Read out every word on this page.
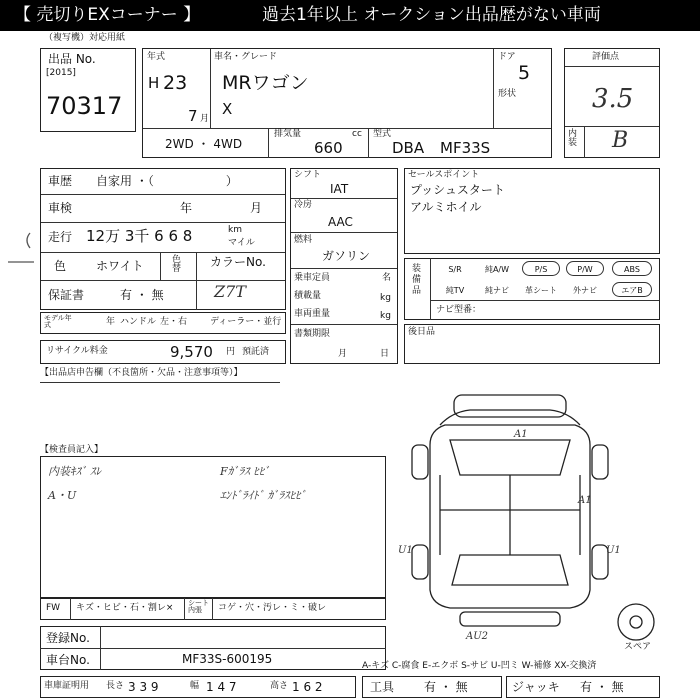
【 売切りEXコーナー 】	過去1年以上 オークション出品歴がない車両
（複写機）対応用紙
出品 No.
[2015]
70317
年式
H 23
7 月
車名・グレード
MRワゴン
X
ドア
5
形状
2WD ・ 4WD
排気量	cc
660
型式
DBA MF33S
評価点
3.5
内装 B
車歴 自家用 ・（　　　　　　）
車検	年	月
走行 12万 3千 6 6 8	km
マイル
色 ホワイト	色替 カラーNo.
Z7T
保証書	有 ・ 無
モデル年式	年 ハンドル 左・右	ディーラー・並行
リサイクル料金	9,570 円 預託済
シフト
IAT
冷房
AAC
燃料
ガソリン
乗車定員	名
積載量	kg
車両重量	kg
書類期限
月	日
セールスポイント
プッシュスタート
アルミホイル
装備品
S/R	純A/W	P/S	P/W	ABS
純TV	純ナビ	革シート	外ナビ	エアB
ナビ型番：
後日品
【出品店申告欄（不良箇所・欠品・注意事項等）】
【検査員記入】
内装ｷｽﾞ ｽﾚ	Fｶﾞﾗｽ ﾋﾋﾞ
A・U	ｴﾝﾄﾞﾗｲﾄﾞ ｶﾞﾗｽﾋﾋﾞ
A1
A1
U1	U1
AU2
スペア
FW キズ・ヒビ・石・割レ× シート内張	コゲ・穴・汚レ・ミ・破レ
登録No.
車台No.	MF33S-600195	A-キズ C-腐食 E-エクボ S-サビ U-凹ミ W-補修 XX-交換済
車庫証明用 長さ 3 3 9	幅 1 4 7	高さ 1 6 2	工具 有 ・ 無	ジャッキ 有 ・ 無
